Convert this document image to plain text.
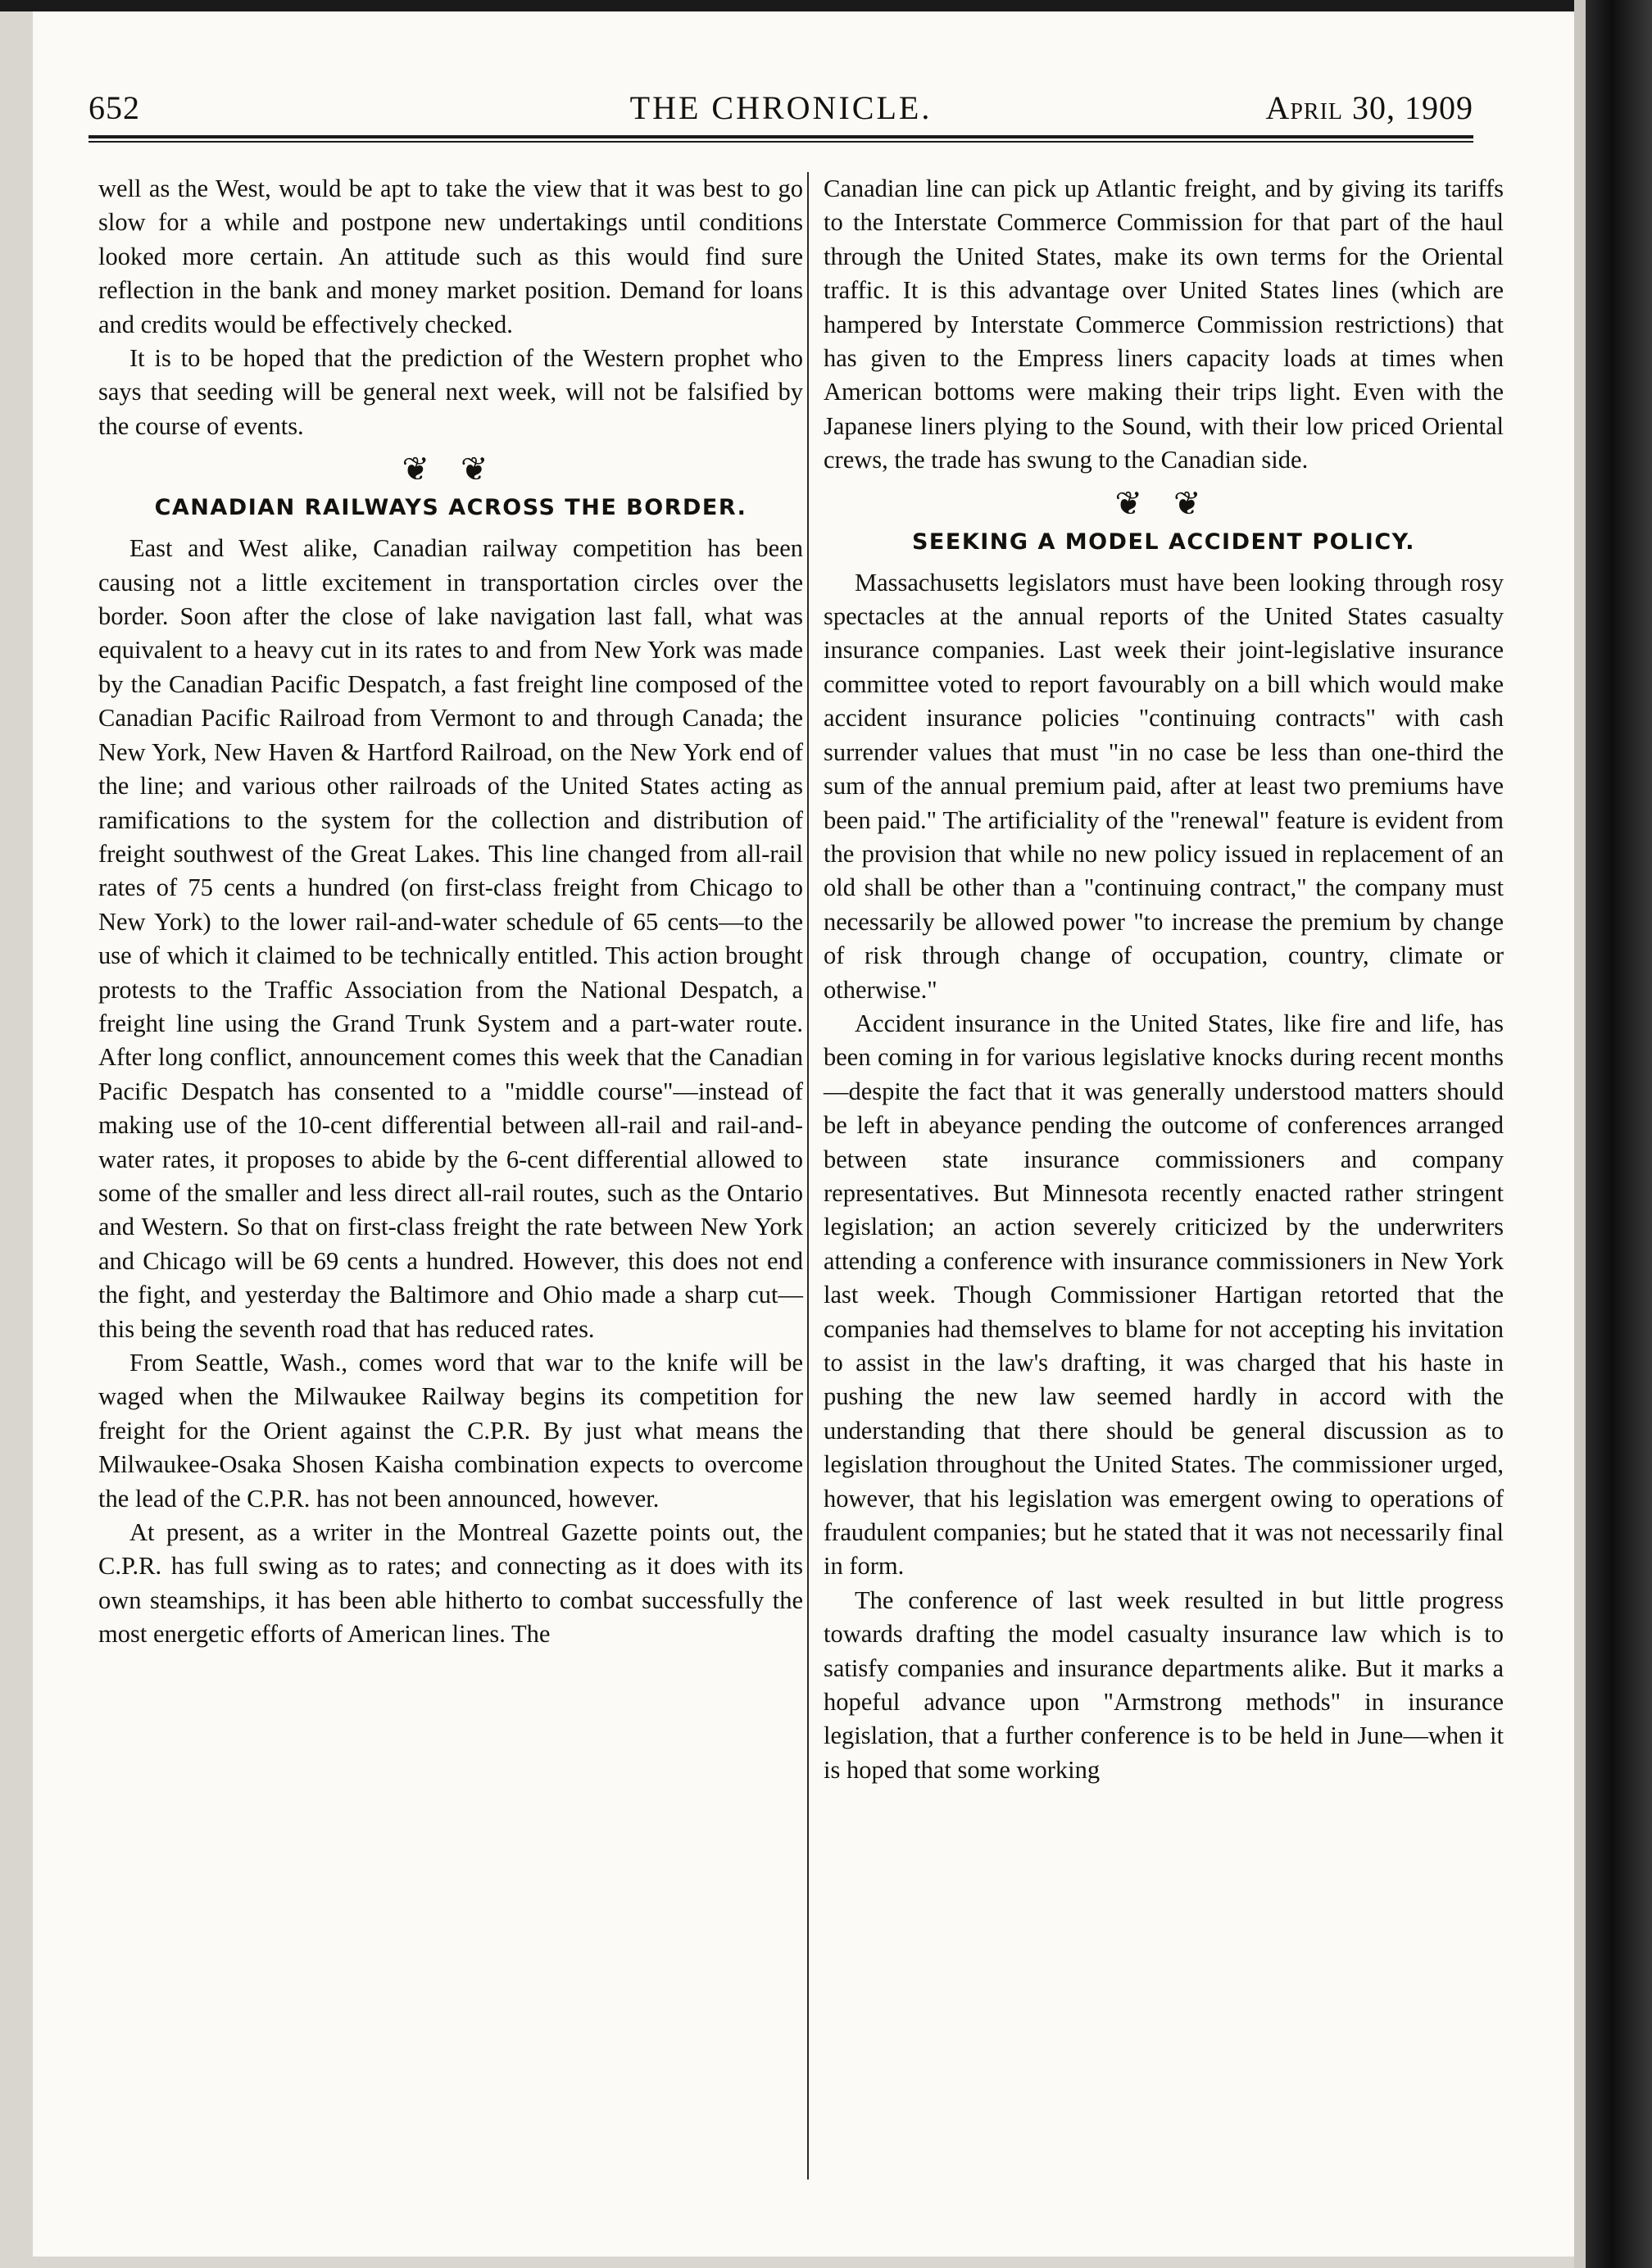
652	THE CHRONICLE.	April 30, 1909

well as the West, would be apt to take the view that it was best to go slow for a while and postpone new undertakings until conditions looked more certain. An attitude such as this would find sure reflection in the bank and money market position. Demand for loans and credits would be effectively checked.

It is to be hoped that the prediction of the Western prophet who says that seeding will be general next week, will not be falsified by the course of events.

❦ ❦
CANADIAN RAILWAYS ACROSS THE BORDER.

East and West alike, Canadian railway competition has been causing not a little excitement in transportation circles over the border. Soon after the close of lake navigation last fall, what was equivalent to a heavy cut in its rates to and from New York was made by the Canadian Pacific Despatch, a fast freight line composed of the Canadian Pacific Railroad from Vermont to and through Canada; the New York, New Haven & Hartford Railroad, on the New York end of the line; and various other railroads of the United States acting as ramifications to the system for the collection and distribution of freight southwest of the Great Lakes. This line changed from all-rail rates of 75 cents a hundred (on first-class freight from Chicago to New York) to the lower rail-and-water schedule of 65 cents—to the use of which it claimed to be technically entitled. This action brought protests to the Traffic Association from the National Despatch, a freight line using the Grand Trunk System and a part-water route. After long conflict, announcement comes this week that the Canadian Pacific Despatch has consented to a "middle course"—instead of making use of the 10-cent differential between all-rail and rail-and-water rates, it proposes to abide by the 6-cent differential allowed to some of the smaller and less direct all-rail routes, such as the Ontario and Western. So that on first-class freight the rate between New York and Chicago will be 69 cents a hundred. However, this does not end the fight, and yesterday the Baltimore and Ohio made a sharp cut—this being the seventh road that has reduced rates.

From Seattle, Wash., comes word that war to the knife will be waged when the Milwaukee Railway begins its competition for freight for the Orient against the C.P.R. By just what means the Milwaukee-Osaka Shosen Kaisha combination expects to overcome the lead of the C.P.R. has not been announced, however.

At present, as a writer in the Montreal Gazette points out, the C.P.R. has full swing as to rates; and connecting as it does with its own steamships, it has been able hitherto to combat successfully the most energetic efforts of American lines. The

Canadian line can pick up Atlantic freight, and by giving its tariffs to the Interstate Commerce Commission for that part of the haul through the United States, make its own terms for the Oriental traffic. It is this advantage over United States lines (which are hampered by Interstate Commerce Commission restrictions) that has given to the Empress liners capacity loads at times when American bottoms were making their trips light. Even with the Japanese liners plying to the Sound, with their low priced Oriental crews, the trade has swung to the Canadian side.

❦ ❦
SEEKING A MODEL ACCIDENT POLICY.

Massachusetts legislators must have been looking through rosy spectacles at the annual reports of the United States casualty insurance companies. Last week their joint-legislative insurance committee voted to report favourably on a bill which would make accident insurance policies "continuing contracts" with cash surrender values that must "in no case be less than one-third the sum of the annual premium paid, after at least two premiums have been paid." The artificiality of the "renewal" feature is evident from the provision that while no new policy issued in replacement of an old shall be other than a "continuing contract," the company must necessarily be allowed power "to increase the premium by change of risk through change of occupation, country, climate or otherwise."

Accident insurance in the United States, like fire and life, has been coming in for various legislative knocks during recent months—despite the fact that it was generally understood matters should be left in abeyance pending the outcome of conferences arranged between state insurance commissioners and company representatives. But Minnesota recently enacted rather stringent legislation; an action severely criticized by the underwriters attending a conference with insurance commissioners in New York last week. Though Commissioner Hartigan retorted that the companies had themselves to blame for not accepting his invitation to assist in the law's drafting, it was charged that his haste in pushing the new law seemed hardly in accord with the understanding that there should be general discussion as to legislation throughout the United States. The commissioner urged, however, that his legislation was emergent owing to operations of fraudulent companies; but he stated that it was not necessarily final in form.

The conference of last week resulted in but little progress towards drafting the model casualty insurance law which is to satisfy companies and insurance departments alike. But it marks a hopeful advance upon "Armstrong methods" in insurance legislation, that a further conference is to be held in June—when it is hoped that some working
